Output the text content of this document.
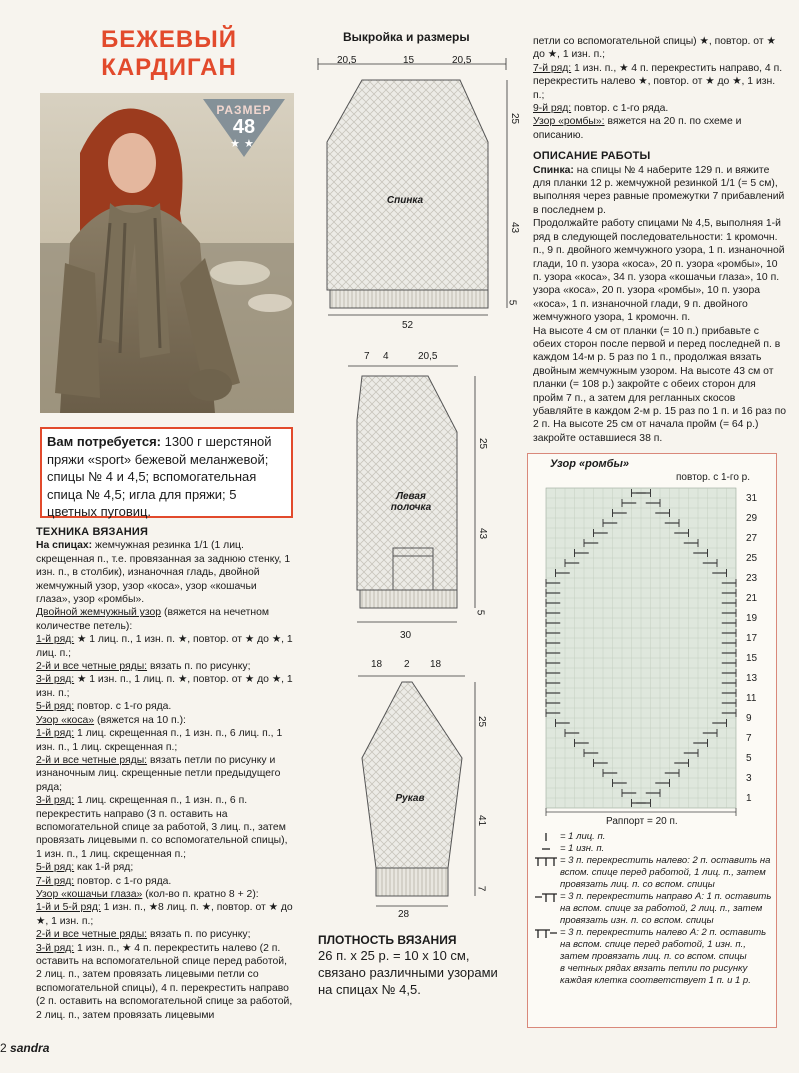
БЕЖЕВЫЙ
КАРДИГАН
РАЗМЕР
48
★★
Вам потребуется: 1300 г шерстяной пряжи «sport» бежевой меланжевой; спицы № 4 и 4,5; вспомогательная спица № 4,5; игла для пряжи; 5 цветных пуговиц.

ТЕХНИКА ВЯЗАНИЯ

На спицах: жемчужная резинка 1/1 (1 лиц. скрещенная п., т.е. провязанная за заднюю стенку, 1 изн. п., в столбик), изнаночная гладь, двойной жемчужный узор, узор «коса», узор «кошачьи глаза», узор «ромбы».

Двойной жемчужный узор (вяжется на нечетном количестве петель):

1-й ряд: ★ 1 лиц. п., 1 изн. п. ★, повтор. от ★ до ★, 1 лиц. п.;

2-й и все четные ряды: вязать п. по рисунку;

3-й ряд: ★ 1 изн. п., 1 лиц. п. ★, повтор. от ★ до ★, 1 изн. п.;

5-й ряд: повтор. с 1-го ряда.

Узор «коса» (вяжется на 10 п.):

1-й ряд: 1 лиц. скрещенная п., 1 изн. п., 6 лиц. п., 1 изн. п., 1 лиц. скрещенная п.;

2-й и все четные ряды: вязать петли по рисунку и изнаночным лиц. скрещенные петли предыдущего ряда;

3-й ряд: 1 лиц. скрещенная п., 1 изн. п., 6 п. перекрестить направо (3 п. оставить на вспомогательной спице за работой, 3 лиц. п., затем провязать лицевыми п. со вспомогательной спицы), 1 изн. п., 1 лиц. скрещенная п.;

5-й ряд: как 1-й ряд;

7-й ряд: повтор. с 1-го ряда.

Узор «кошачьи глаза» (кол-во п. кратно 8 + 2):

1-й и 5-й ряд: 1 изн. п., ★8 лиц. п. ★, повтор. от ★ до ★, 1 изн. п.;

2-й и все четные ряды: вязать п. по рисунку;

3-й ряд: 1 изн. п., ★ 4 п. перекрестить налево (2 п. оставить на вспомогательной спице перед работой, 2 лиц. п., затем провязать лицевыми петли со вспомогательной спицы), 4 п. перекрестить направо (2 п. оставить на вспомогательной спице за работой, 2 лиц. п., затем провязать лицевыми

Выкройка и размеры
20,5	15	20,5
25
43
5
52
Спинка
7 4	20,5
25
43
5
30
Левая
полочка
18 2 18
25
41
7
28
Рукав
ПЛОТНОСТЬ ВЯЗАНИЯ
26 п. x 25 р. = 10 x 10 см, связано различными узорами на спицах № 4,5.

петли со вспомогательной спицы) ★, повтор. от ★ до ★, 1 изн. п.;

7-й ряд: 1 изн. п., ★ 4 п. перекрестить направо, 4 п. перекрестить налево ★, повтор. от ★ до ★, 1 изн. п.;

9-й ряд: повтор. с 1-го ряда.

Узор «ромбы»: вяжется на 20 п. по схеме и описанию.

ОПИСАНИЕ РАБОТЫ

Спинка: на спицы № 4 наберите 129 п. и вяжите для планки 12 р. жемчужной резинкой 1/1 (= 5 см), выполняя через равные промежутки 7 прибавлений в последнем р.

Продолжайте работу спицами № 4,5, выполняя 1-й ряд в следующей последовательности: 1 кромочн. п., 9 п. двойного жемчужного узора, 1 п. изнаночной глади, 10 п. узора «коса», 20 п. узора «ромбы», 10 п. узора «коса», 34 п. узора «кошачьи глаза», 10 п. узора «коса», 20 п. узора «ромбы», 10 п. узора «коса», 1 п. изнаночной глади, 9 п. двойного жемчужного узора, 1 кромочн. п.

На высоте 4 см от планки (= 10 п.) прибавьте с обеих сторон после первой и перед последней п. в каждом 14-м р. 5 раз по 1 п., продолжая вязать двойным жемчужным узором. На высоте 43 см от планки (= 108 р.) закройте с обеих сторон для пройм 7 п., а затем для регланных скосов убавляйте в каждом 2-м р. 15 раз по 1 п. и 16 раз по 2 п. На высоте 25 см от начала пройм (= 64 р.) закройте оставшиеся 38 п.

Узор «ромбы»
повтор. с 1-го р.
31
29
27
25
23
21
19
17
15
13
11
9
7
5
3
1
Раппорт = 20 п.
= 1 лиц. п.
= 1 изн. п.
= 3 п. перекрестить налево: 2 п. оставить на вспом. спице перед работой, 1 лиц. п., затем провязать лиц. п. со вспом. спицы
= 3 п. перекрестить направо А: 1 п. оставить на вспом. спице за работой, 2 лиц. п., затем провязать изн. п. со вспом. спицы
= 3 п. перекрестить налево А: 2 п. оставить на вспом. спице перед работой, 1 изн. п., затем провязать лиц. п. со вспом. спицы
в четных рядах вязать петли по рисунку каждая клетка соответствует 1 п. и 1 р.
2 sandra
